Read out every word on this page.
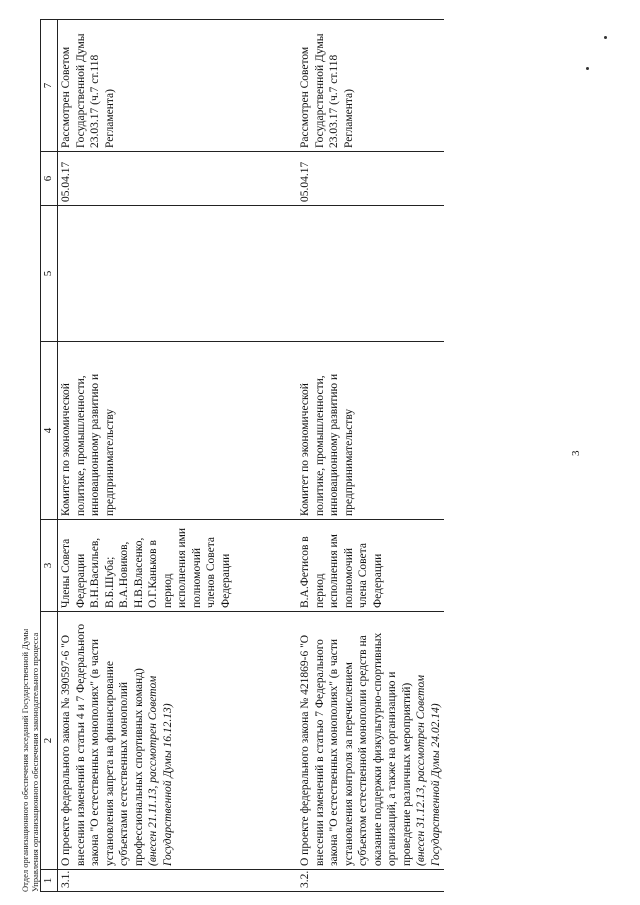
Отдел организационного обеспечения заседаний Государственной Думы Управления организационного обеспечения законодательного процесса 1	2	3	4	5	6	7
3.1.	О проекте федерального закона № 390597-6 "О внесении изменений в статьи 4 и 7 Федерального закона "О естественных монополиях" (в части установления запрета на финансирование субъектами естественных монополий профессиональных спортивных команд) (внесен 21.11.13, рассмотрен Советом Государственной Думы 16.12.13)	Члены Совета Федерации В.Н.Васильев, В.Б.Шуба; В.А.Новиков, Н.В.Власенко, О.Г.Каньков в период исполнения ими полномочий членов Совета Федерации	Комитет по экономической политике, промышленности, инновационному развитию и предпринимательству		05.04.17	Рассмотрен Советом Государственной Думы 23.03.17 (ч.7 ст.118 Регламента)
3.2.	О проекте федерального закона № 421869-6 "О внесении изменений в статью 7 Федерального закона "О естественных монополиях" (в части установления контроля за перечислением субъектом естественной монополии средств на оказание поддержки физкультурно-спортивных организаций, а также на организацию и проведение различных мероприятий) (внесен 31.12.13, рассмотрен Советом Государственной Думы 24.02.14)	В.А.Фетисов в период исполнения им полномочий члена Совета Федерации	Комитет по экономической политике, промышленности, инновационному развитию и предпринимательству		05.04.17	Рассмотрен Советом Государственной Думы 23.03.17 (ч.7 ст.118 Регламента)
3
